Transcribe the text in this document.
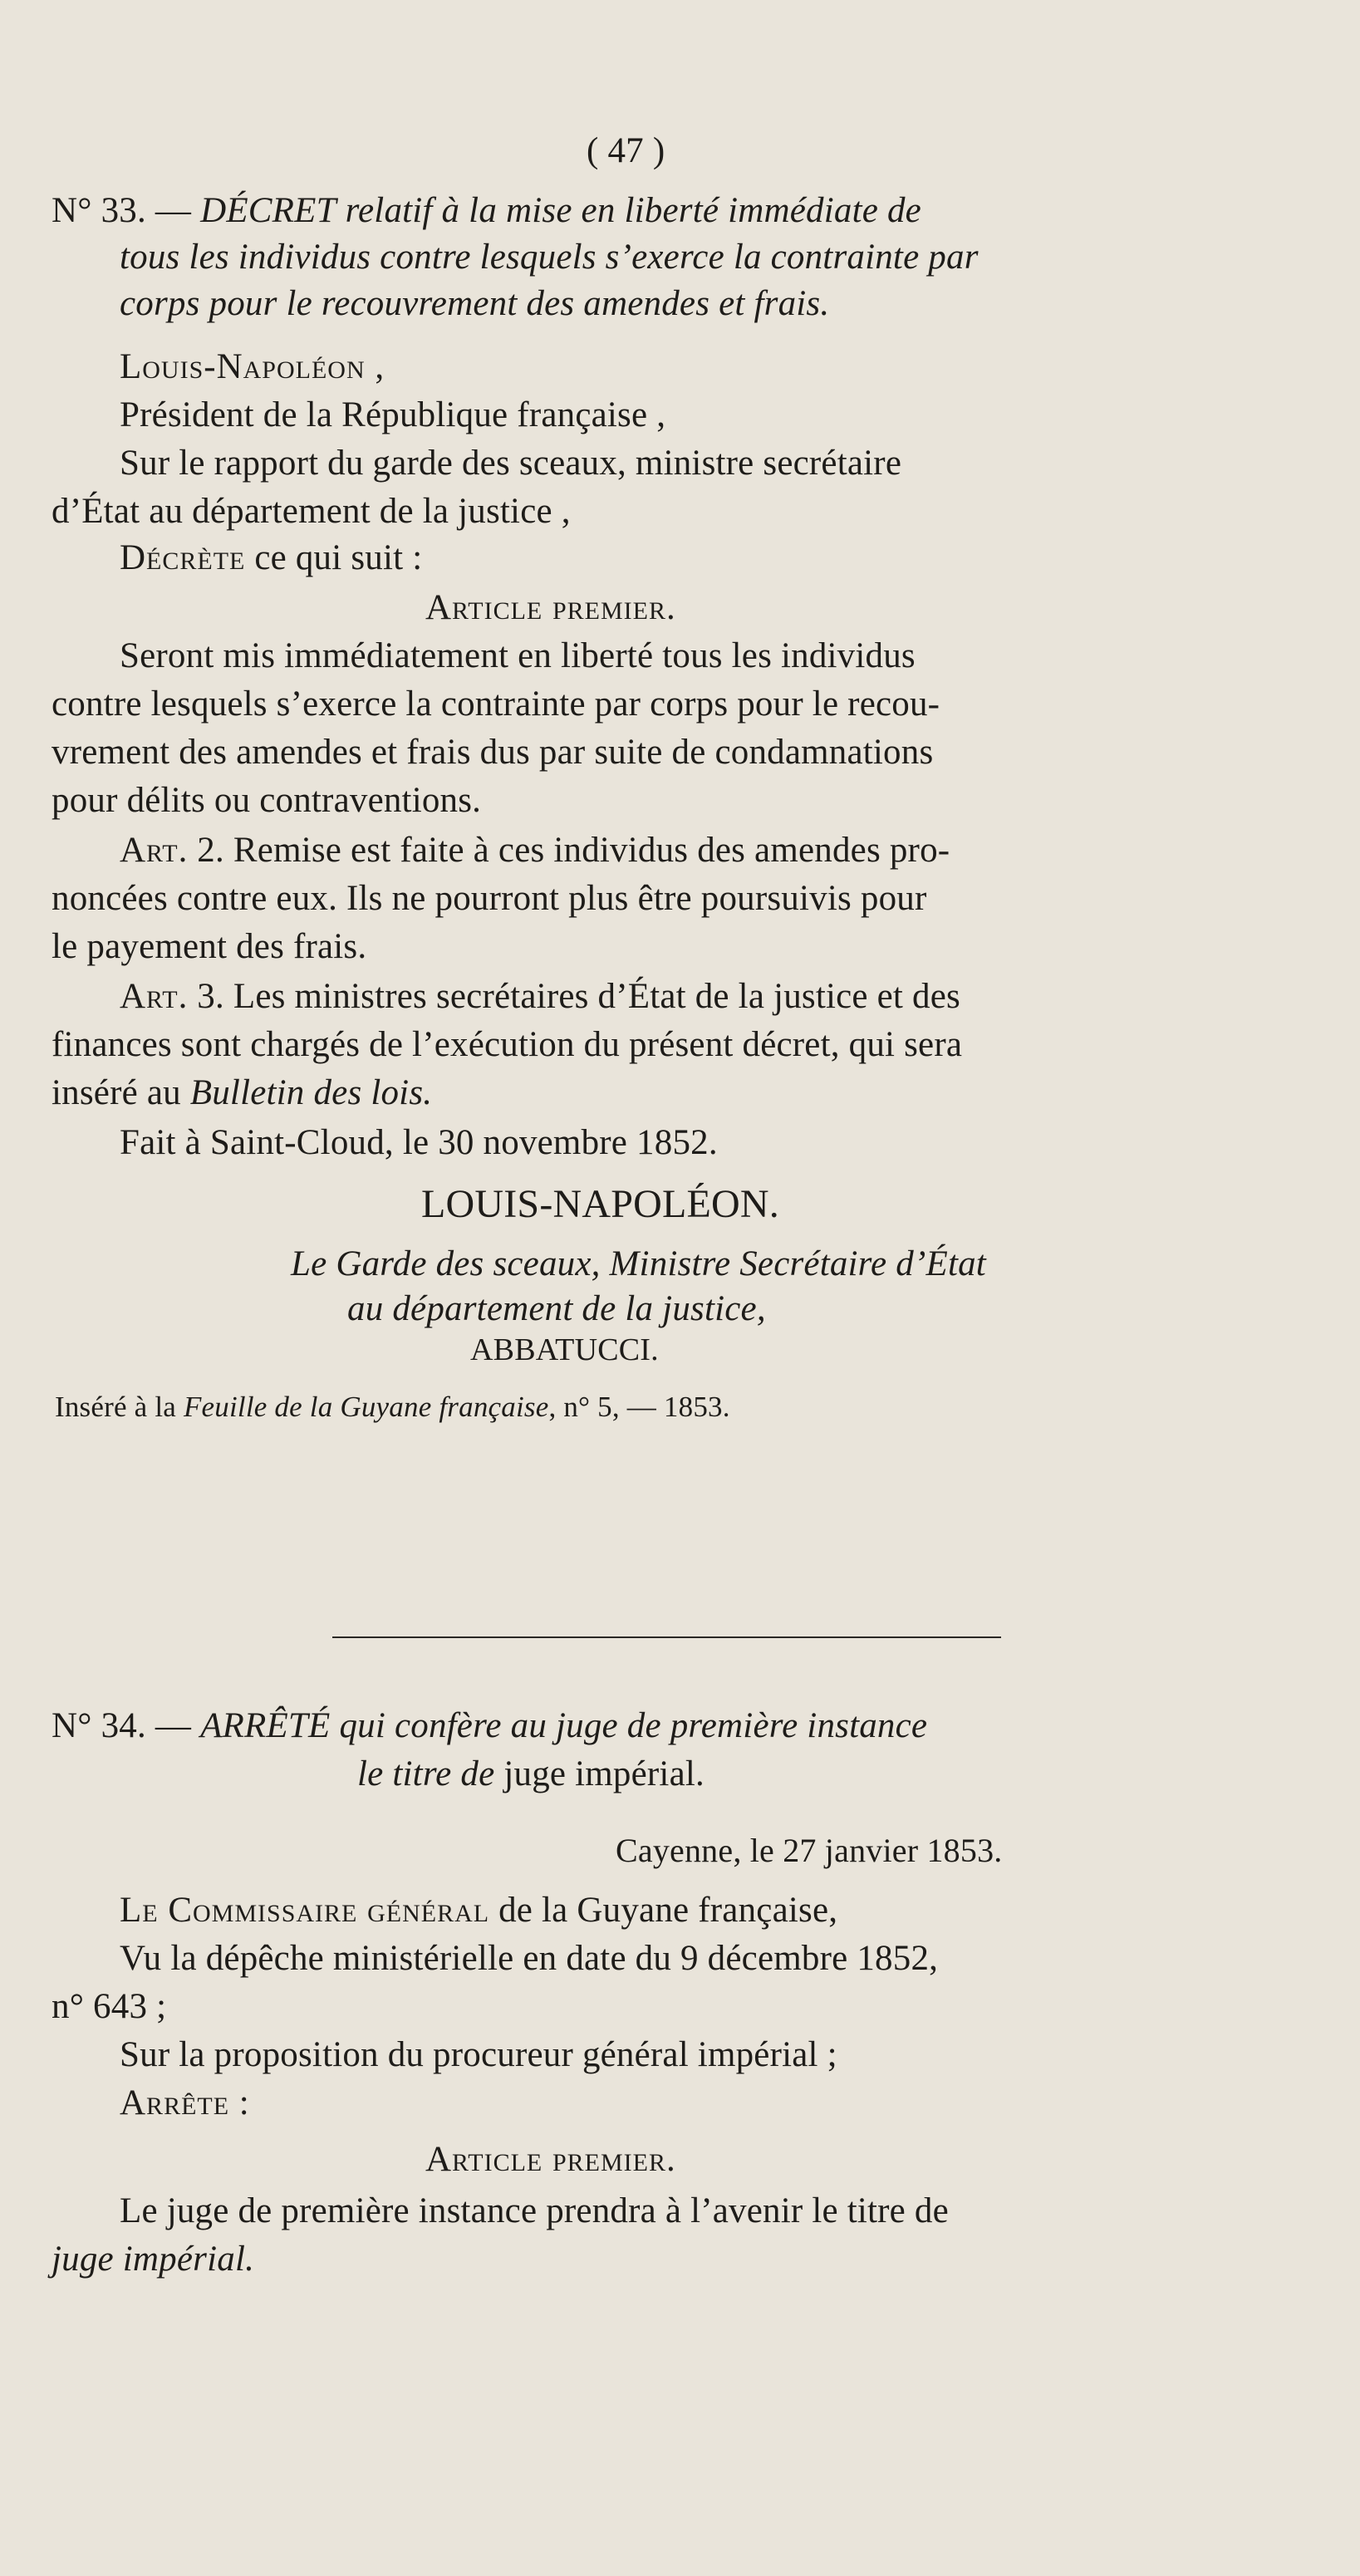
( 47 )
N° 33. — DÉCRET relatif à la mise en liberté immédiate de
tous les individus contre lesquels s’exerce la contrainte par
corps pour le recouvrement des amendes et frais.
Louis-Napoléon ,
Président de la République française ,
Sur le rapport du garde des sceaux, ministre secrétaire
d’État au département de la justice ,
Décrète ce qui suit :
Article premier.
Seront mis immédiatement en liberté tous les individus
contre lesquels s’exerce la contrainte par corps pour le recou-
vrement des amendes et frais dus par suite de condamnations
pour délits ou contraventions.
Art. 2. Remise est faite à ces individus des amendes pro-
noncées contre eux. Ils ne pourront plus être poursuivis pour
le payement des frais.
Art. 3. Les ministres secrétaires d’État de la justice et des
finances sont chargés de l’exécution du présent décret, qui sera
inséré au Bulletin des lois.
Fait à Saint-Cloud, le 30 novembre 1852.
LOUIS-NAPOLÉON.
Le Garde des sceaux, Ministre Secrétaire d’État
au département de la justice,
ABBATUCCI.
Inséré à la Feuille de la Guyane française, n° 5, — 1853.
N° 34. — ARRÊTÉ qui confère au juge de première instance
le titre de juge impérial.
Cayenne, le 27 janvier 1853.
Le Commissaire général de la Guyane française,
Vu la dépêche ministérielle en date du 9 décembre 1852,
n° 643 ;
Sur la proposition du procureur général impérial ;
Arrête :
Article premier.
Le juge de première instance prendra à l’avenir le titre de
juge impérial.
